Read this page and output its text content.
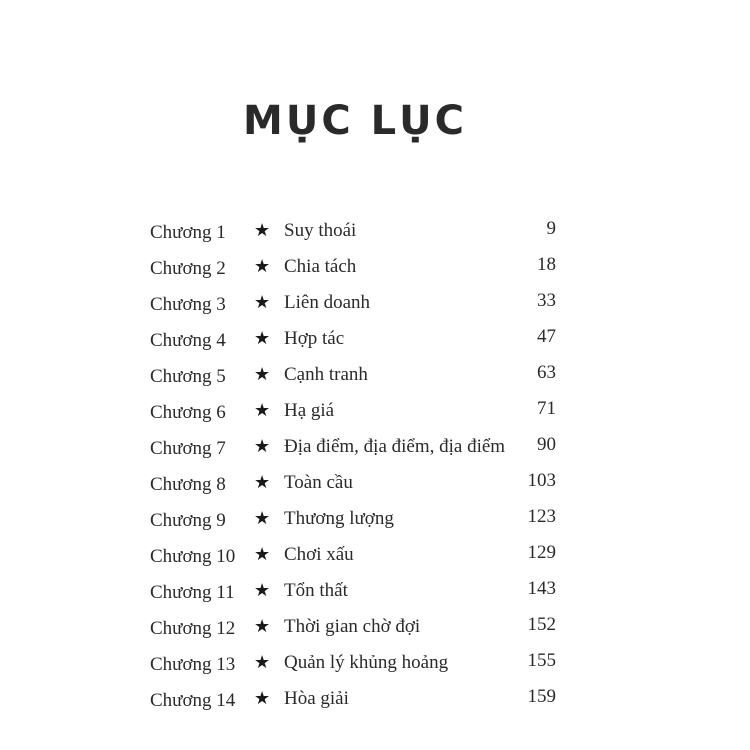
MỤC LỤC
Chương 1 ★ Suy thoái	9
Chương 2 ★ Chia tách	18
Chương 3 ★ Liên doanh	33
Chương 4 ★ Hợp tác	47
Chương 5 ★ Cạnh tranh	63
Chương 6 ★ Hạ giá	71
Chương 7 ★ Địa điểm, địa điểm, địa điểm 90
Chương 8 ★ Toàn cầu	103
Chương 9 ★ Thương lượng	123
Chương 10 ★ Chơi xấu	129
Chương 11 ★ Tổn thất	143
Chương 12 ★ Thời gian chờ đợi	152
Chương 13 ★ Quản lý khủng hoảng	155
Chương 14 ★ Hòa giải	159
